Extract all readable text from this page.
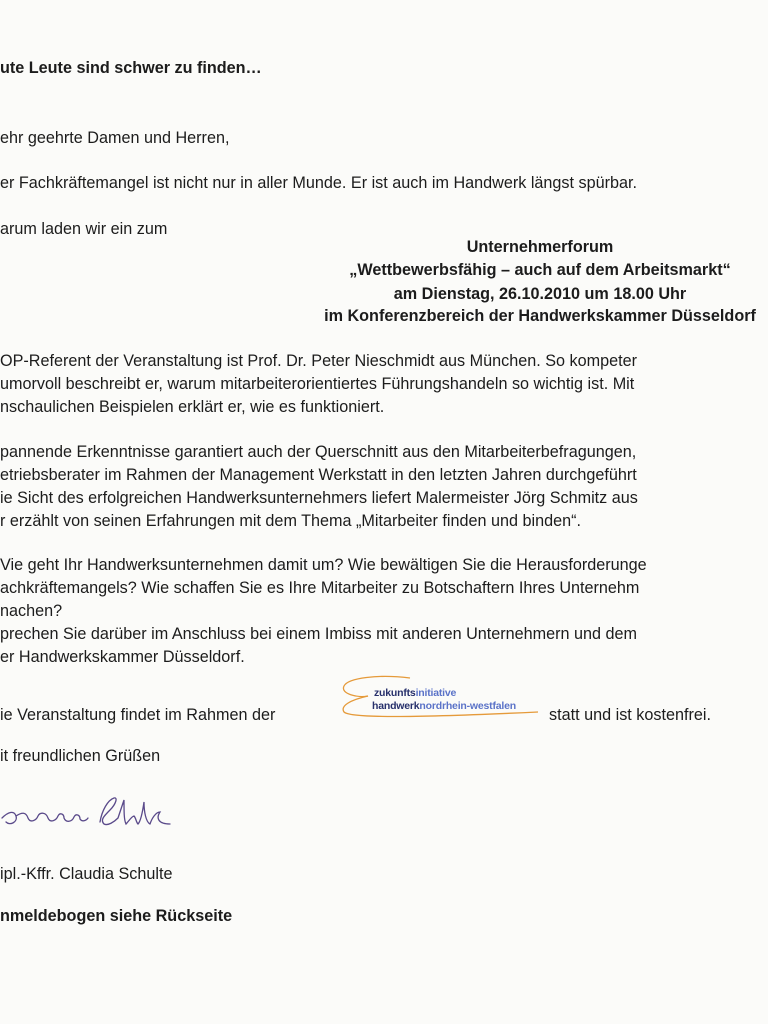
ute Leute sind schwer zu finden…
ehr geehrte Damen und Herren,
er Fachkräftemangel ist nicht nur in aller Munde. Er ist auch im Handwerk längst spürbar.
arum laden wir ein zum
Unternehmerforum
„Wettbewerbsfähig – auch auf dem Arbeitsmarkt“
am Dienstag, 26.10.2010 um 18.00 Uhr
im Konferenzbereich der Handwerkskammer Düsseldorf
OP-Referent der Veranstaltung ist Prof. Dr. Peter Nieschmidt aus München. So kompeter
umorvoll beschreibt er, warum mitarbeiterorientiertes Führungshandeln so wichtig ist. Mit
nschaulichen Beispielen erklärt er, wie es funktioniert.
pannende Erkenntnisse garantiert auch der Querschnitt aus den Mitarbeiterbefragungen,
etriebsberater im Rahmen der Management Werkstatt in den letzten Jahren durchgeführt
ie Sicht des erfolgreichen Handwerksunternehmers liefert Malermeister Jörg Schmitz aus
r erzählt von seinen Erfahrungen mit dem Thema „Mitarbeiter finden und binden“.
Vie geht Ihr Handwerksunternehmen damit um? Wie bewältigen Sie die Herausforderunge
achkräftemangels? Wie schaffen Sie es Ihre Mitarbeiter zu Botschaftern Ihres Unternehm
nachen?
prechen Sie darüber im Anschluss bei einem Imbiss mit anderen Unternehmern und dem
er Handwerkskammer Düsseldorf.
ie Veranstaltung findet im Rahmen der
zukunftsinitiative
handwerknordrhein-westfalen statt und ist kostenfrei.
it freundlichen Grüßen
ipl.-Kffr. Claudia Schulte
nmeldebogen siehe Rückseite
